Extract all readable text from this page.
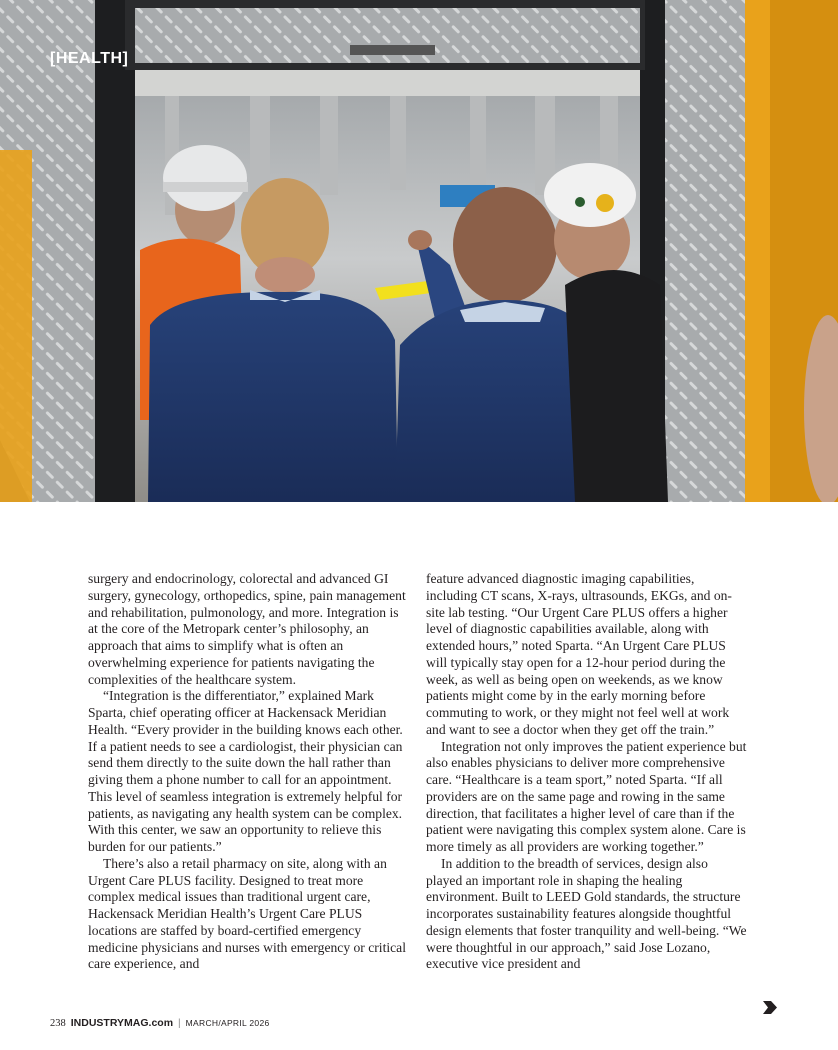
[HEALTH]

surgery and endocrinology, colorectal and advanced GI surgery, gynecology, orthopedics, spine, pain management and rehabilitation, pulmonology, and more. Integration is at the core of the Metropark center’s philosophy, an approach that aims to simplify what is often an overwhelming experience for patients navigating the complexities of the healthcare system.

“Integration is the differentiator,” explained Mark Sparta, chief operating officer at Hackensack Meridian Health. “Every provider in the building knows each other. If a patient needs to see a cardiologist, their physician can send them directly to the suite down the hall rather than giving them a phone number to call for an appointment. This level of seamless integration is extremely helpful for patients, as navigating any health system can be complex. With this center, we saw an opportunity to relieve this burden for our patients.”

There’s also a retail pharmacy on site, along with an Urgent Care PLUS facility. Designed to treat more complex medical issues than traditional urgent care, Hackensack Meridian Health’s Urgent Care PLUS locations are staffed by board-certified emergency medicine physicians and nurses with emergency or critical care experience, and

feature advanced diagnostic imaging capabilities, including CT scans, X-rays, ultrasounds, EKGs, and on-site lab testing. “Our Urgent Care PLUS offers a higher level of diagnostic capabilities available, along with extended hours,” noted Sparta. “An Urgent Care PLUS will typically stay open for a 12-hour period during the week, as well as being open on weekends, as we know patients might come by in the early morning before commuting to work, or they might not feel well at work and want to see a doctor when they get off the train.”

Integration not only improves the patient experience but also enables physicians to deliver more comprehensive care. “Healthcare is a team sport,” noted Sparta. “If all providers are on the same page and rowing in the same direction, that facilitates a higher level of care than if the patient were navigating this complex system alone. Care is more timely as all providers are working together.”

In addition to the breadth of services, design also played an important role in shaping the healing environment. Built to LEED Gold standards, the structure incorporates sustainability features alongside thoughtful design elements that foster tranquility and well-being. “We were thoughtful in our approach,” said Jose Lozano, executive vice president and

238 INDUSTRYMAG.com | MARCH/APRIL 2026
